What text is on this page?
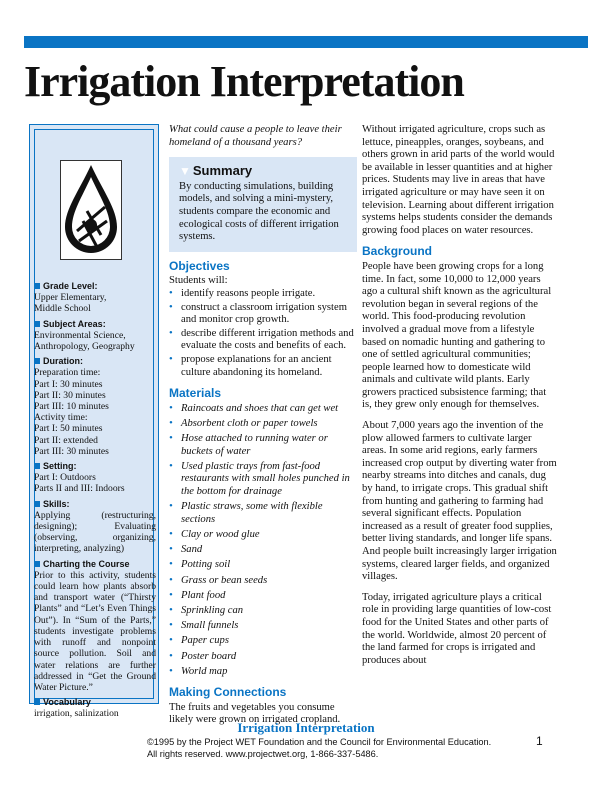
Irrigation Interpretation
Grade Level:
Upper Elementary,
Middle School
Subject Areas:
Environmental Science,
Anthropology, Geography
Duration:
Preparation time:
Part I: 30 minutes
Part II: 30 minutes
Part III: 10 minutes
Activity time:
Part I: 50 minutes
Part II: extended
Part III: 30 minutes
Setting:
Part I: Outdoors
Parts II and III: Indoors
Skills:
Applying (restructuring, designing); Evaluating (observing, organizing, interpreting, analyzing)
Charting the Course
Prior to this activity, students could learn how plants absorb and transport water (“Thirsty Plants” and “Let’s Even Things Out”). In “Sum of the Parts,” students investigate problems with runoff and nonpoint source pollution. Soil and water relations are further addressed in “Get the Ground Water Picture.”
Vocabulary
irrigation, salinization

What could cause a people to leave their homeland of a thousand years?

▼ Summary
By conducting simulations, building models, and solving a mini-mystery, students compare the economic and ecological costs of different irrigation systems.
Objectives
Students will:
• identify reasons people irrigate.
• construct a classroom irrigation system and monitor crop growth.
• describe different irrigation methods and evaluate the costs and benefits of each.
• propose explanations for an ancient culture abandoning its homeland.
Materials
• Raincoats and shoes that can get wet
• Absorbent cloth or paper towels
• Hose attached to running water or buckets of water
• Used plastic trays from fast-food restaurants with small holes punched in the bottom for drainage
• Plastic straws, some with flexible sections
• Clay or wood glue
• Sand
• Potting soil
• Grass or bean seeds
• Plant food
• Sprinkling can
• Small funnels
• Paper cups
• Poster board
• World map
Making Connections

The fruits and vegetables you consume likely were grown on irrigated cropland.

Without irrigated agriculture, crops such as lettuce, pineapples, oranges, soybeans, and others grown in arid parts of the world would be available in lesser quantities and at higher prices. Students may live in areas that have irrigated agriculture or may have seen it on television. Learning about different irrigation systems helps students consider the demands growing food places on water resources.

Background

People have been growing crops for a long time. In fact, some 10,000 to 12,000 years ago a cultural shift known as the agricultural revolution began in several regions of the world. This food-producing revolution involved a gradual move from a lifestyle based on nomadic hunting and gathering to one of settled agricultural communities; people learned how to domesticate wild animals and cultivate wild plants. Early growers practiced subsistence farming; that is, they grew only enough for themselves.

About 7,000 years ago the invention of the plow allowed farmers to cultivate larger areas. In some arid regions, early farmers increased crop output by diverting water from nearby streams into ditches and canals, dug by hand, to irrigate crops. This gradual shift from hunting and gathering to farming had several significant effects. Population increased as a result of greater food supplies, better living standards, and longer life spans. And people built increasingly larger irrigation systems, cleared larger fields, and organized villages.

Today, irrigated agriculture plays a critical role in providing large quantities of low-cost food for the United States and other parts of the world. Worldwide, almost 20 percent of the land farmed for crops is irrigated and produces about

Irrigation Interpretation
©1995 by the Project WET Foundation and the Council for Environmental Education.
All rights reserved. www.projectwet.org, 1-866-337-5486.
1
